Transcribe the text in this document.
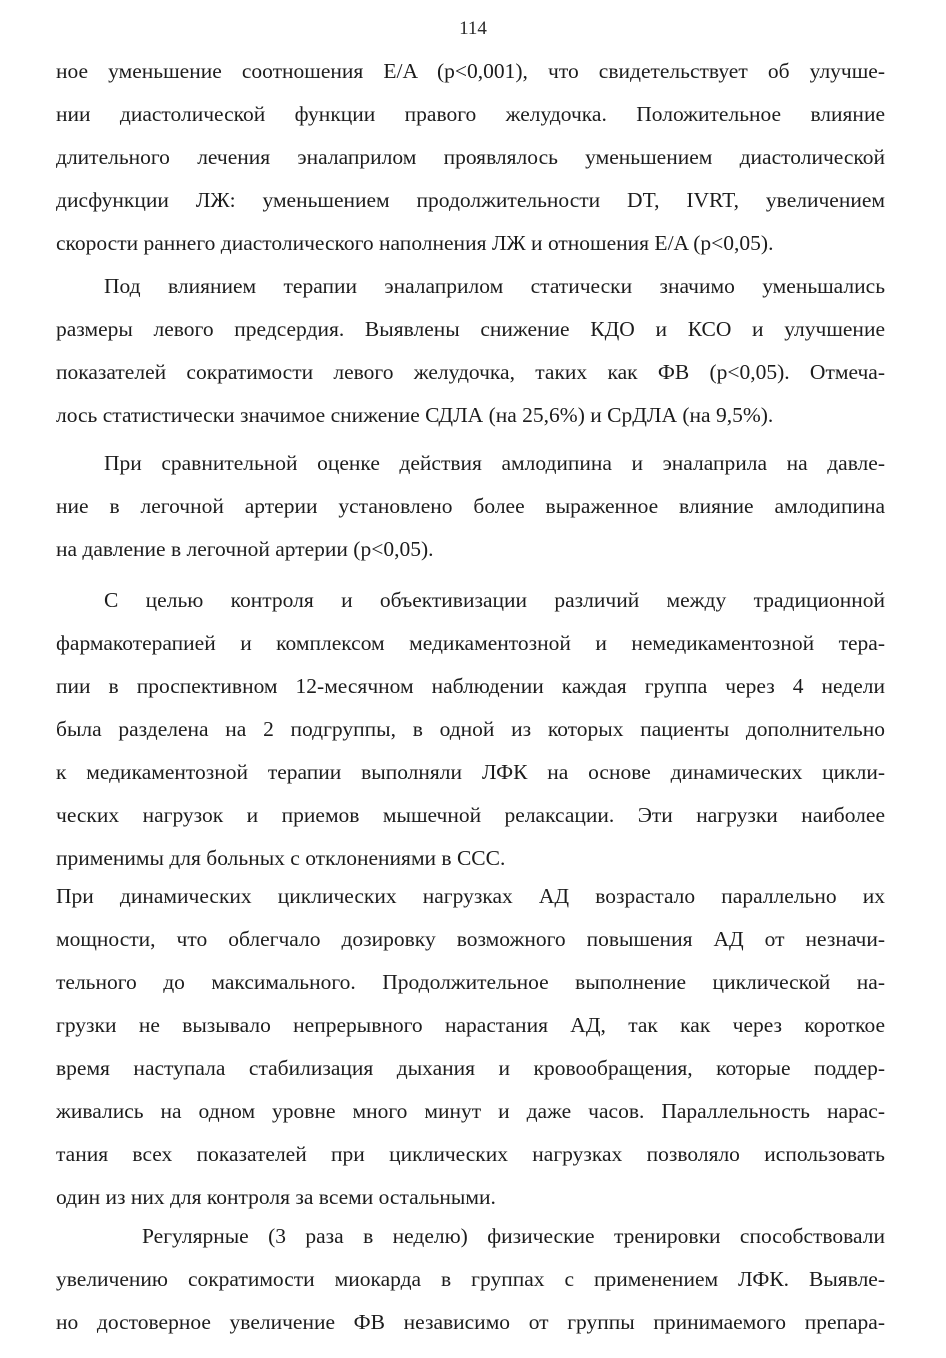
114
ное уменьшение соотношения E/A (p<0,001), что свидетельствует об улучше-
нии диастолической функции правого желудочка. Положительное влияние
длительного лечения эналаприлом проявлялось уменьшением диастолической
дисфункции ЛЖ: уменьшением продолжительности DT, IVRT, увеличением
скорости раннего диастолического наполнения ЛЖ и отношения E/A (p<0,05).
Под влиянием терапии эналаприлом статически значимо уменьшались
размеры левого предсердия. Выявлены снижение КДО и КСО и улучшение
показателей сократимости левого желудочка, таких как ФВ (p<0,05). Отмеча-
лось статистически значимое снижение СДЛА (на 25,6%) и СрДЛА (на 9,5%).
При сравнительной оценке действия амлодипина и эналаприла на давле-
ние в легочной артерии установлено более выраженное влияние амлодипина
на давление в легочной артерии (p<0,05).
С целью контроля и объективизации различий между традиционной
фармакотерапией и комплексом медикаментозной и немедикаментозной тера-
пии в проспективном 12-месячном наблюдении каждая группа через 4 недели
была разделена на 2 подгруппы, в одной из которых пациенты дополнительно
к медикаментозной терапии выполняли ЛФК на основе динамических цикли-
ческих нагрузок и приемов мышечной релаксации. Эти нагрузки наиболее
применимы для больных с отклонениями в ССС.
При динамических циклических нагрузках АД возрастало параллельно их
мощности, что облегчало дозировку возможного повышения АД от незначи-
тельного до максимального. Продолжительное выполнение циклической на-
грузки не вызывало непрерывного нарастания АД, так как через короткое
время наступала стабилизация дыхания и кровообращения, которые поддер-
живались на одном уровне много минут и даже часов. Параллельность нарас-
тания всех показателей при циклических нагрузках позволяло использовать
один из них для контроля за всеми остальными.
Регулярные (3 раза в неделю) физические тренировки способствовали
увеличению сократимости миокарда в группах с применением ЛФК. Выявле-
но достоверное увеличение ФВ независимо от группы принимаемого препара-
